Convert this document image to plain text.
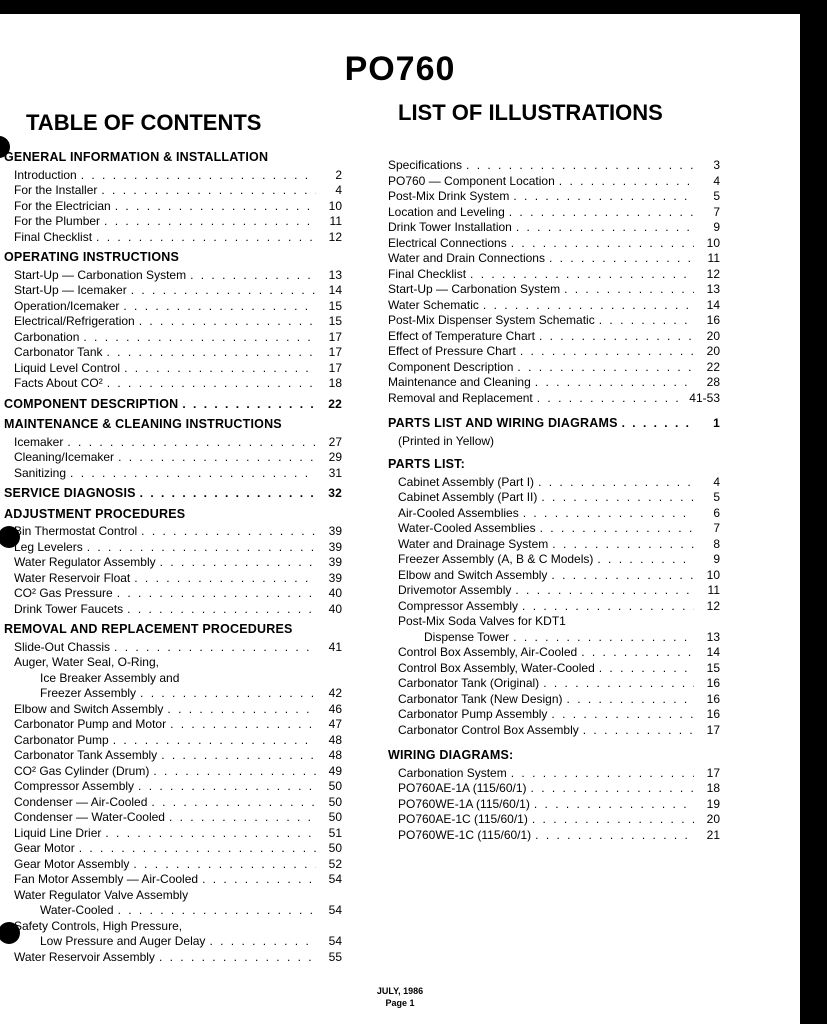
PO760
TABLE OF CONTENTS	LIST OF ILLUSTRATIONS
GENERAL INFORMATION & INSTALLATION
Introduction . . .	2
For the Installer . . .	4
For the Electrician . . .	10
For the Plumber . . .	11
Final Checklist . . .	12
OPERATING INSTRUCTIONS
Start-Up — Carbonation System . . .	13
Start-Up — Icemaker . . .	14
Operation/Icemaker . . .	15
Electrical/Refrigeration . . .	15
Carbonation . . .	17
Carbonator Tank . . .	17
Liquid Level Control . . .	17
Facts About CO² . . .	18
COMPONENT DESCRIPTION . . .	22
MAINTENANCE & CLEANING INSTRUCTIONS
Icemaker . . .	27
Cleaning/Icemaker . . .	29
Sanitizing . . .	31
SERVICE DIAGNOSIS . . .	32
ADJUSTMENT PROCEDURES
Bin Thermostat Control . . .	39
Leg Levelers . . .	39
Water Regulator Assembly . . .	39
Water Reservoir Float . . .	39
CO² Gas Pressure . . .	40
Drink Tower Faucets . . .	40
REMOVAL AND REPLACEMENT PROCEDURES
Slide-Out Chassis . . .	41
Auger, Water Seal, O-Ring,
Ice Breaker Assembly and
Freezer Assembly . . .	42
Elbow and Switch Assembly . . .	46
Carbonator Pump and Motor . . .	47
Carbonator Pump . . .	48
Carbonator Tank Assembly . . .	48
CO² Gas Cylinder (Drum) . . .	49
Compressor Assembly . . .	50
Condenser — Air-Cooled . . .	50
Condenser — Water-Cooled . . .	50
Liquid Line Drier . . .	51
Gear Motor . . .	50
Gear Motor Assembly . . .	52
Fan Motor Assembly — Air-Cooled . . .	54
Water Regulator Valve Assembly
Water-Cooled . . .	54
Safety Controls, High Pressure,
Low Pressure and Auger Delay . . .	54
Water Reservoir Assembly . . .	55
Specifications . . .	3
PO760 — Component Location . . .	4
Post-Mix Drink System . . .	5
Location and Leveling . . .	7
Drink Tower Installation . . .	9
Electrical Connections . . .	10
Water and Drain Connections . . .	11
Final Checklist . . .	12
Start-Up — Carbonation System . . .	13
Water Schematic . . .	14
Post-Mix Dispenser System Schematic . . .	16
Effect of Temperature Chart . . .	20
Effect of Pressure Chart . . .	20
Component Description . . .	22
Maintenance and Cleaning . . .	28
Removal and Replacement . . .	41-53
PARTS LIST AND WIRING DIAGRAMS . . .	1
(Printed in Yellow)
PARTS LIST:
Cabinet Assembly (Part I) . . .	4
Cabinet Assembly (Part II) . . .	5
Air-Cooled Assemblies . . .	6
Water-Cooled Assemblies . . .	7
Water and Drainage System . . .	8
Freezer Assembly (A, B & C Models) . . .	9
Elbow and Switch Assembly . . .	10
Drivemotor Assembly . . .	11
Compressor Assembly . . .	12
Post-Mix Soda Valves for KDT1
Dispense Tower . . .	13
Control Box Assembly, Air-Cooled . . .	14
Control Box Assembly, Water-Cooled . . .	15
Carbonator Tank (Original) . . .	16
Carbonator Tank (New Design) . . .	16
Carbonator Pump Assembly . . .	16
Carbonator Control Box Assembly . . .	17
WIRING DIAGRAMS:
Carbonation System . . .	17
PO760AE-1A (115/60/1) . . .	18
PO760WE-1A (115/60/1) . . .	19
PO760AE-1C (115/60/1) . . .	20
PO760WE-1C (115/60/1) . . .	21
JULY, 1986
Page 1
